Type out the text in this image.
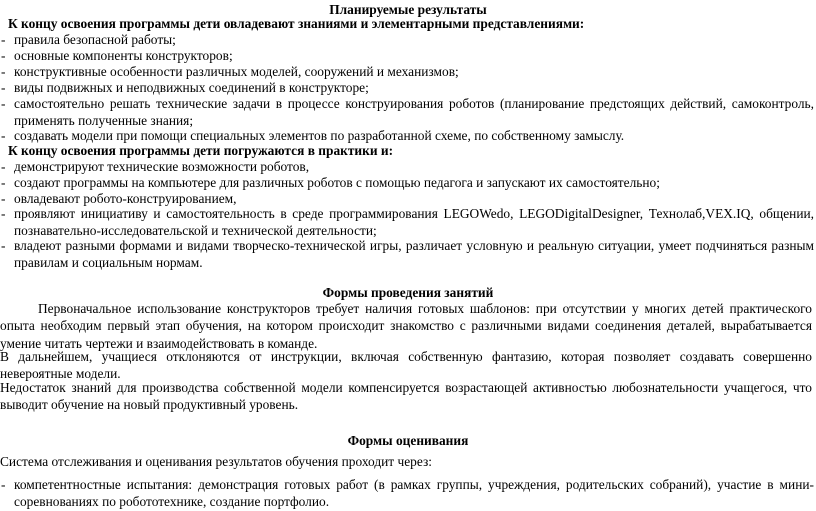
Планируемые результаты
К концу освоения программы дети овладевают знаниями и элементарными представлениями:
- правила безопасной работы;
- основные компоненты конструкторов;
- конструктивные особенности различных моделей, сооружений и механизмов;
- виды подвижных и неподвижных соединений в конструкторе;
- самостоятельно решать технические задачи в процессе конструирования роботов (планирование предстоящих действий, самоконтроль, применять полученные знания;
- создавать модели при помощи специальных элементов по разработанной схеме, по собственному замыслу.
К концу освоения программы дети погружаются в практики и:
- демонстрируют технические возможности роботов,
- создают программы на компьютере для различных роботов с помощью педагога и запускают их самостоятельно;
- овладевают робото-конструированием,
- проявляют инициативу и самостоятельность в среде программирования LEGOWedo, LEGODigitalDesigner, Технолаб,VEX.IQ, общении, познавательно-исследовательской и технической деятельности;
- владеют разными формами и видами творческо-технической игры, различает условную и реальную ситуации, умеет подчиняться разным правилам и социальным нормам.
Формы проведения занятий
Первоначальное использование конструкторов требует наличия готовых шаблонов: при отсутствии у многих детей практического опыта необходим первый этап обучения, на котором происходит знакомство с различными видами соединения деталей, вырабатывается умение читать чертежи и взаимодействовать в команде.
В дальнейшем, учащиеся отклоняются от инструкции, включая собственную фантазию, которая позволяет создавать совершенно невероятные модели.
Недостаток знаний для производства собственной модели компенсируется возрастающей активностью любознательности учащегося, что выводит обучение на новый продуктивный уровень.
Формы оценивания
Система отслеживания и оценивания результатов обучения проходит через:
- компетентностные испытания: демонстрация готовых работ (в рамках группы, учреждения, родительских собраний), участие в мини-соревнованиях по робототехнике, создание портфолио.
